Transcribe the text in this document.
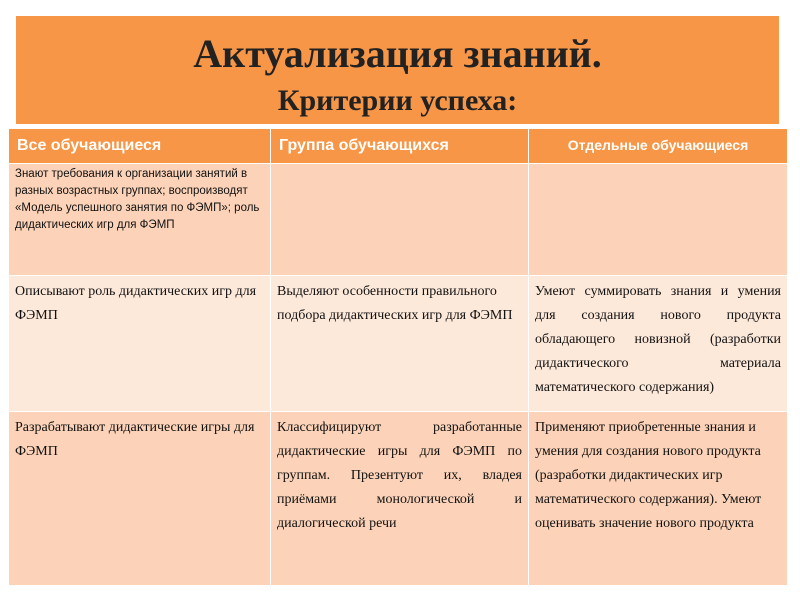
Актуализация знаний.
Критерии успеха:
Все обучающиеся	Группа обучающихся	Отдельные обучающиеся
Знают требования к организации занятий в разных возрастных группах; воспроизводят «Модель успешного занятия по ФЭМП»; роль дидактических игр для ФЭМП		
Описывают роль дидактических игр для ФЭМП	Выделяют особенности правильного подбора дидактических игр для ФЭМП	Умеют суммировать знания и умения для создания нового продукта обладающего новизной (разработки дидактического материала математического содержания)
Разрабатывают дидактические игры для ФЭМП	Классифицируют разработанные дидактические игры для ФЭМП по группам. Презентуют их, владея приёмами монологической и диалогической речи	Применяют приобретенные знания и умения для создания нового продукта (разработки дидактических игр математического содержания). Умеют оценивать значение нового продукта
